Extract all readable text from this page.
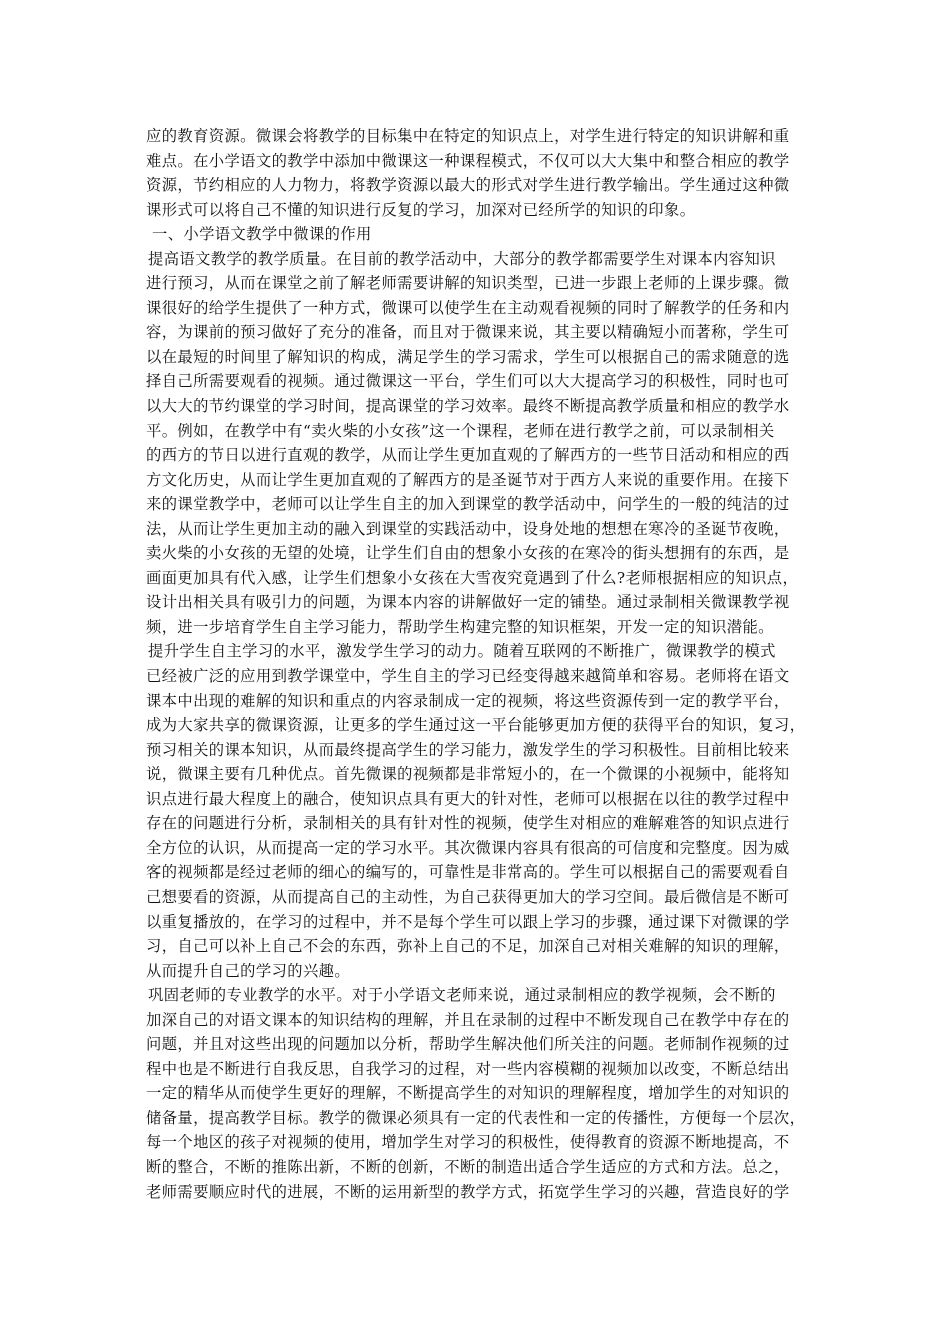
应的教育资源。微课会将教学的目标集中在特定的知识点上，对学生进行特定的知识讲解和重
难点。在小学语文的教学中添加中微课这一种课程模式，不仅可以大大集中和整合相应的教学
资源，节约相应的人力物力，将教学资源以最大的形式对学生进行教学输出。学生通过这种微
课形式可以将自己不懂的知识进行反复的学习，加深对已经所学的知识的印象。
一、小学语文教学中微课的作用
提高语文教学的教学质量。在目前的教学活动中，大部分的教学都需要学生对课本内容知识
进行预习，从而在课堂之前了解老师需要讲解的知识类型，已进一步跟上老师的上课步骤。微
课很好的给学生提供了一种方式，微课可以使学生在主动观看视频的同时了解教学的任务和内
容，为课前的预习做好了充分的准备，而且对于微课来说，其主要以精确短小而著称，学生可
以在最短的时间里了解知识的构成，满足学生的学习需求，学生可以根据自己的需求随意的选
择自己所需要观看的视频。通过微课这一平台，学生们可以大大提高学习的积极性，同时也可
以大大的节约课堂的学习时间，提高课堂的学习效率。最终不断提高教学质量和相应的教学水
平。例如，在教学中有“卖火柴的小女孩”这一个课程，老师在进行教学之前，可以录制相关
的西方的节日以进行直观的教学，从而让学生更加直观的了解西方的一些节日活动和相应的西
方文化历史，从而让学生更加直观的了解西方的是圣诞节对于西方人来说的重要作用。在接下
来的课堂教学中，老师可以让学生自主的加入到课堂的教学活动中，问学生的一般的纯洁的过
法，从而让学生更加主动的融入到课堂的实践活动中，设身处地的想想在寒冷的圣诞节夜晚，
卖火柴的小女孩的无望的处境，让学生们自由的想象小女孩的在寒冷的街头想拥有的东西，是
画面更加具有代入感，让学生们想象小女孩在大雪夜究竟遇到了什么?老师根据相应的知识点，
设计出相关具有吸引力的问题，为课本内容的讲解做好一定的铺垫。通过录制相关微课教学视
频，进一步培育学生自主学习能力，帮助学生构建完整的知识框架，开发一定的知识潜能。
提升学生自主学习的水平，激发学生学习的动力。随着互联网的不断推广，微课教学的模式
已经被广泛的应用到教学课堂中，学生自主的学习已经变得越来越简单和容易。老师将在语文
课本中出现的难解的知识和重点的内容录制成一定的视频，将这些资源传到一定的教学平台，
成为大家共享的微课资源，让更多的学生通过这一平台能够更加方便的获得平台的知识，复习，
预习相关的课本知识，从而最终提高学生的学习能力，激发学生的学习积极性。目前相比较来
说，微课主要有几种优点。首先微课的视频都是非常短小的，在一个微课的小视频中，能将知
识点进行最大程度上的融合，使知识点具有更大的针对性，老师可以根据在以往的教学过程中
存在的问题进行分析，录制相关的具有针对性的视频，使学生对相应的难解难答的知识点进行
全方位的认识，从而提高一定的学习水平。其次微课内容具有很高的可信度和完整度。因为威
客的视频都是经过老师的细心的编写的，可靠性是非常高的。学生可以根据自己的需要观看自
己想要看的资源，从而提高自己的主动性，为自己获得更加大的学习空间。最后微信是不断可
以重复播放的，在学习的过程中，并不是每个学生可以跟上学习的步骤，通过课下对微课的学
习，自己可以补上自己不会的东西，弥补上自己的不足，加深自己对相关难解的知识的理解，
从而提升自己的学习的兴趣。
巩固老师的专业教学的水平。对于小学语文老师来说，通过录制相应的教学视频，会不断的
加深自己的对语文课本的知识结构的理解，并且在录制的过程中不断发现自己在教学中存在的
问题，并且对这些出现的问题加以分析，帮助学生解决他们所关注的问题。老师制作视频的过
程中也是不断进行自我反思，自我学习的过程，对一些内容模糊的视频加以改变，不断总结出
一定的精华从而使学生更好的理解，不断提高学生的对知识的理解程度，增加学生的对知识的
储备量，提高教学目标。教学的微课必须具有一定的代表性和一定的传播性，方便每一个层次，
每一个地区的孩子对视频的使用，增加学生对学习的积极性，使得教育的资源不断地提高，不
断的整合，不断的推陈出新，不断的创新，不断的制造出适合学生适应的方式和方法。总之，
老师需要顺应时代的进展，不断的运用新型的教学方式，拓宽学生学习的兴趣，营造良好的学
